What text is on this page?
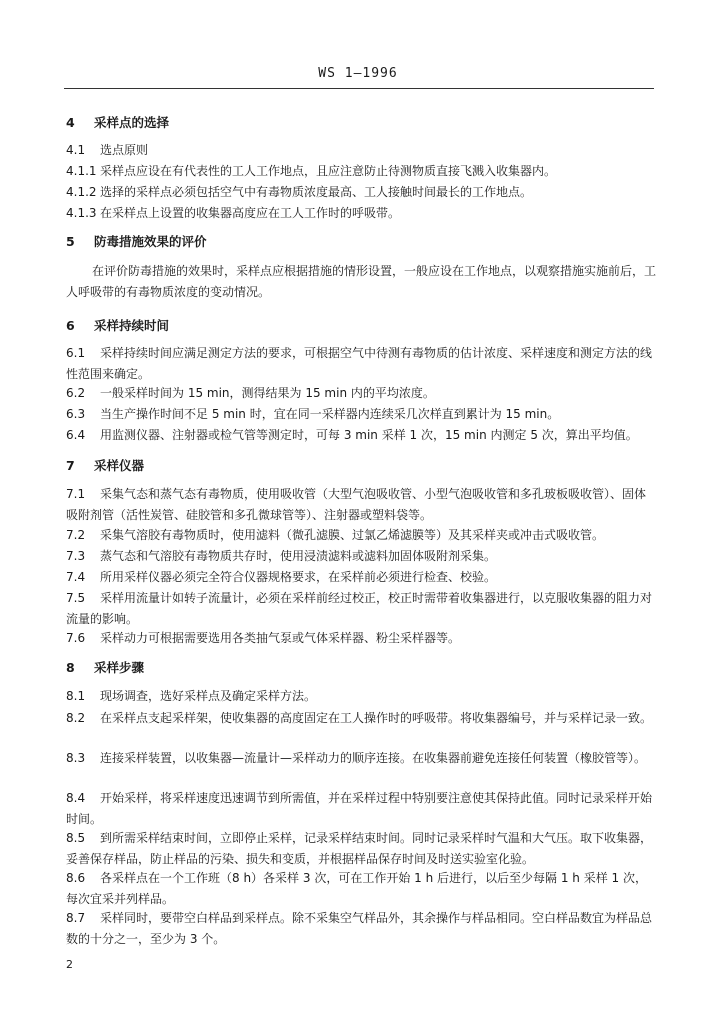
WS 1—1996
4 采样点的选择
4.1 选点原则
4.1.1 采样点应设在有代表性的工人工作地点，且应注意防止待测物质直接飞溅入收集器内。
4.1.2 选择的采样点必须包括空气中有毒物质浓度最高、工人接触时间最长的工作地点。
4.1.3 在采样点上设置的收集器高度应在工人工作时的呼吸带。
5 防毒措施效果的评价
在评价防毒措施的效果时，采样点应根据措施的情形设置，一般应设在工作地点，以观察措施实施前后，工人呼吸带的有毒物质浓度的变动情况。
6 采样持续时间
6.1 采样持续时间应满足测定方法的要求，可根据空气中待测有毒物质的估计浓度、采样速度和测定方法的线性范围来确定。
6.2 一般采样时间为 15 min，测得结果为 15 min 内的平均浓度。
6.3 当生产操作时间不足 5 min 时，宜在同一采样器内连续采几次样直到累计为 15 min。
6.4 用监测仪器、注射器或检气管等测定时，可每 3 min 采样 1 次，15 min 内测定 5 次，算出平均值。
7 采样仪器
7.1 采集气态和蒸气态有毒物质，使用吸收管（大型气泡吸收管、小型气泡吸收管和多孔玻板吸收管）、固体吸附剂管（活性炭管、硅胶管和多孔微球管等）、注射器或塑料袋等。
7.2 采集气溶胶有毒物质时，使用滤料（微孔滤膜、过氯乙烯滤膜等）及其采样夹或冲击式吸收管。
7.3 蒸气态和气溶胶有毒物质共存时，使用浸渍滤料或滤料加固体吸附剂采集。
7.4 所用采样仪器必须完全符合仪器规格要求，在采样前必须进行检查、校验。
7.5 采样用流量计如转子流量计，必须在采样前经过校正，校正时需带着收集器进行，以克服收集器的阻力对流量的影响。
7.6 采样动力可根据需要选用各类抽气泵或气体采样器、粉尘采样器等。
8 采样步骤
8.1 现场调查，选好采样点及确定采样方法。
8.2 在采样点支起采样架，使收集器的高度固定在工人操作时的呼吸带。将收集器编号，并与采样记录一致。
8.3 连接采样装置，以收集器—流量计—采样动力的顺序连接。在收集器前避免连接任何装置（橡胶管等）。
8.4 开始采样，将采样速度迅速调节到所需值，并在采样过程中特别要注意使其保持此值。同时记录采样开始时间。
8.5 到所需采样结束时间，立即停止采样，记录采样结束时间。同时记录采样时气温和大气压。取下收集器，妥善保存样品，防止样品的污染、损失和变质，并根据样品保存时间及时送实验室化验。
8.6 各采样点在一个工作班（8 h）各采样 3 次，可在工作开始 1 h 后进行，以后至少每隔 1 h 采样 1 次，每次宜采并列样品。
8.7 采样同时，要带空白样品到采样点。除不采集空气样品外，其余操作与样品相同。空白样品数宜为样品总数的十分之一，至少为 3 个。
2
